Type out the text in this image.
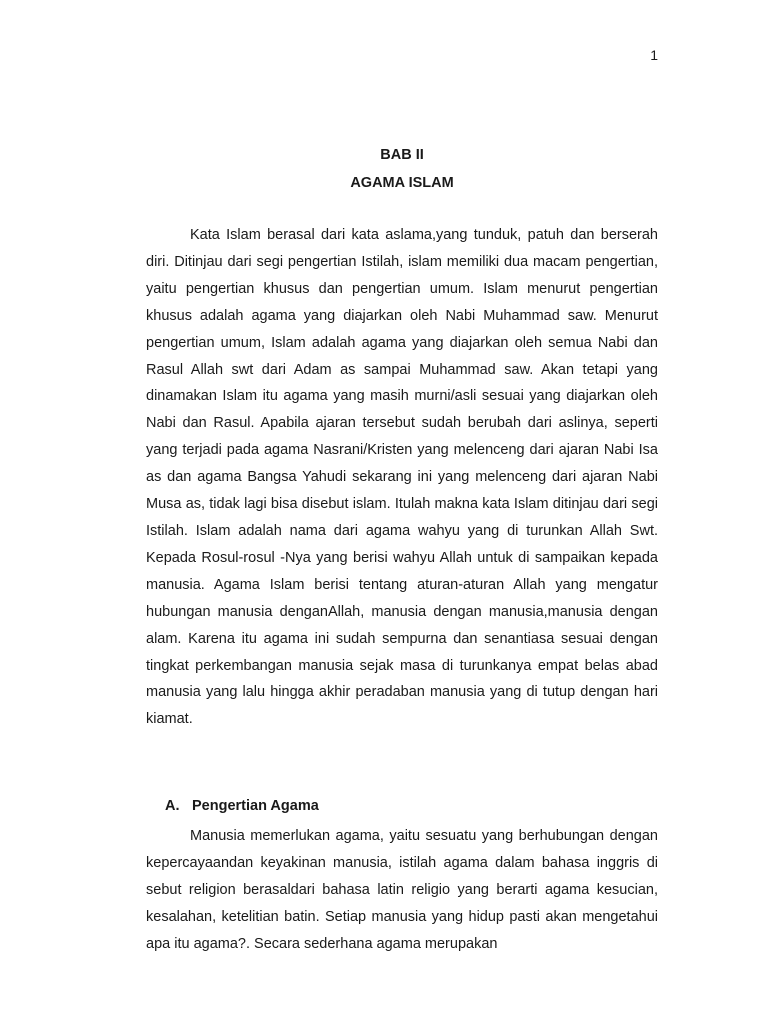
1
BAB II
AGAMA ISLAM

Kata Islam berasal dari kata aslama,yang tunduk, patuh dan berserah diri. Ditinjau dari segi pengertian Istilah, islam memiliki dua macam pengertian, yaitu pengertian khusus dan pengertian umum. Islam menurut pengertian khusus adalah agama yang diajarkan oleh Nabi Muhammad saw. Menurut pengertian umum, Islam adalah agama yang diajarkan oleh semua Nabi dan Rasul Allah swt dari Adam as sampai Muhammad saw. Akan tetapi yang dinamakan Islam itu agama yang masih murni/asli sesuai yang diajarkan oleh Nabi dan Rasul. Apabila ajaran tersebut sudah berubah dari aslinya, seperti yang terjadi pada agama Nasrani/Kristen yang melenceng dari ajaran Nabi Isa as dan agama Bangsa Yahudi sekarang ini yang melenceng dari ajaran Nabi Musa as, tidak lagi bisa disebut islam. Itulah makna kata Islam ditinjau dari segi Istilah. Islam adalah nama dari agama wahyu yang di turunkan Allah Swt. Kepada Rosul-rosul -Nya yang berisi wahyu Allah untuk di sampaikan kepada manusia. Agama Islam berisi tentang aturan-aturan Allah yang mengatur hubungan manusia denganAllah, manusia dengan manusia,manusia dengan alam. Karena itu agama ini sudah sempurna dan senantiasa sesuai dengan tingkat perkembangan manusia sejak masa di turunkanya empat belas abad manusia yang lalu hingga akhir peradaban manusia yang di tutup dengan hari kiamat.

A. Pengertian Agama

Manusia memerlukan agama, yaitu sesuatu yang berhubungan dengan kepercayaandan keyakinan manusia, istilah agama dalam bahasa inggris di sebut religion berasaldari bahasa latin religio yang berarti agama kesucian, kesalahan, ketelitian batin. Setiap manusia yang hidup pasti akan mengetahui apa itu agama?. Secara sederhana agama merupakan
